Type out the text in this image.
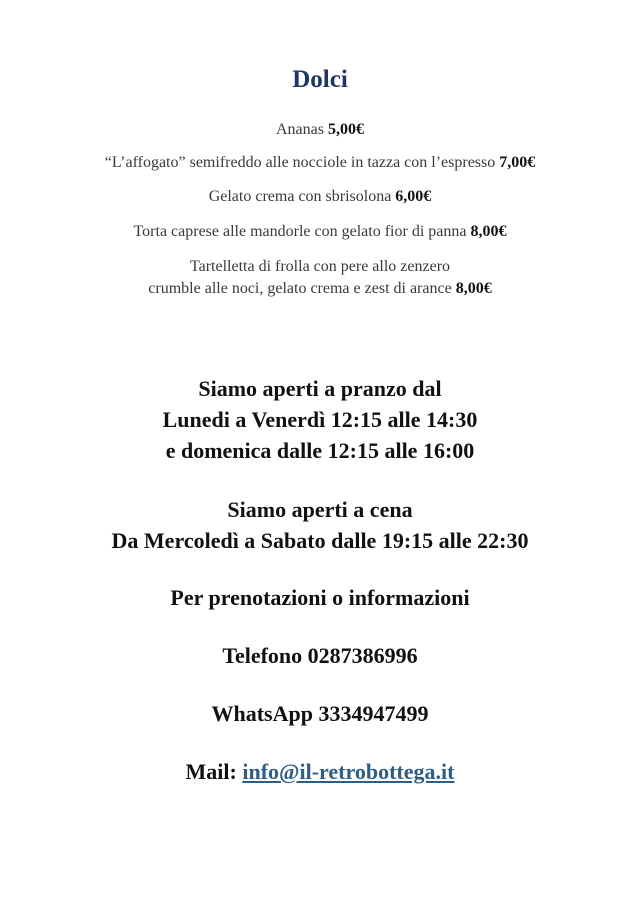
Dolci
Ananas 5,00€
“L’affogato” semifreddo alle nocciole in tazza con l’espresso 7,00€
Gelato crema con sbrisolona 6,00€
Torta caprese alle mandorle con gelato fior di panna 8,00€
Tartelletta di frolla con pere allo zenzero
crumble alle noci, gelato crema e zest di arance 8,00€
Siamo aperti a pranzo dal
Lunedi a Venerdì 12:15 alle 14:30
e domenica dalle 12:15 alle 16:00
Siamo aperti a cena
Da Mercoledì a Sabato dalle 19:15 alle 22:30
Per prenotazioni o informazioni
Telefono 0287386996
WhatsApp 3334947499
Mail: info@il-retrobottega.it
